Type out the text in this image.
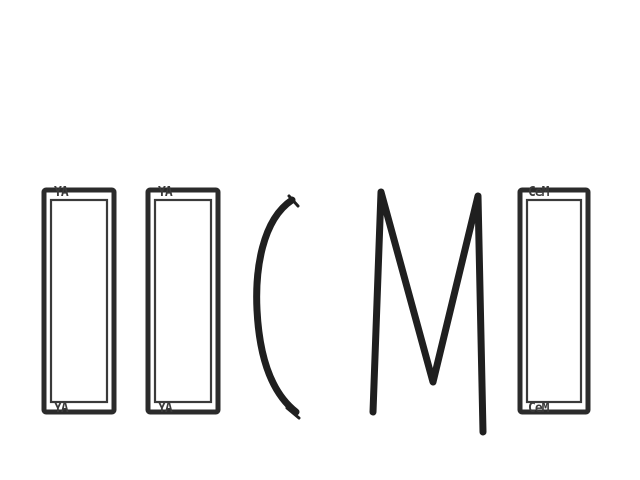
YA
YA
YA
YA
CeM
CeM
